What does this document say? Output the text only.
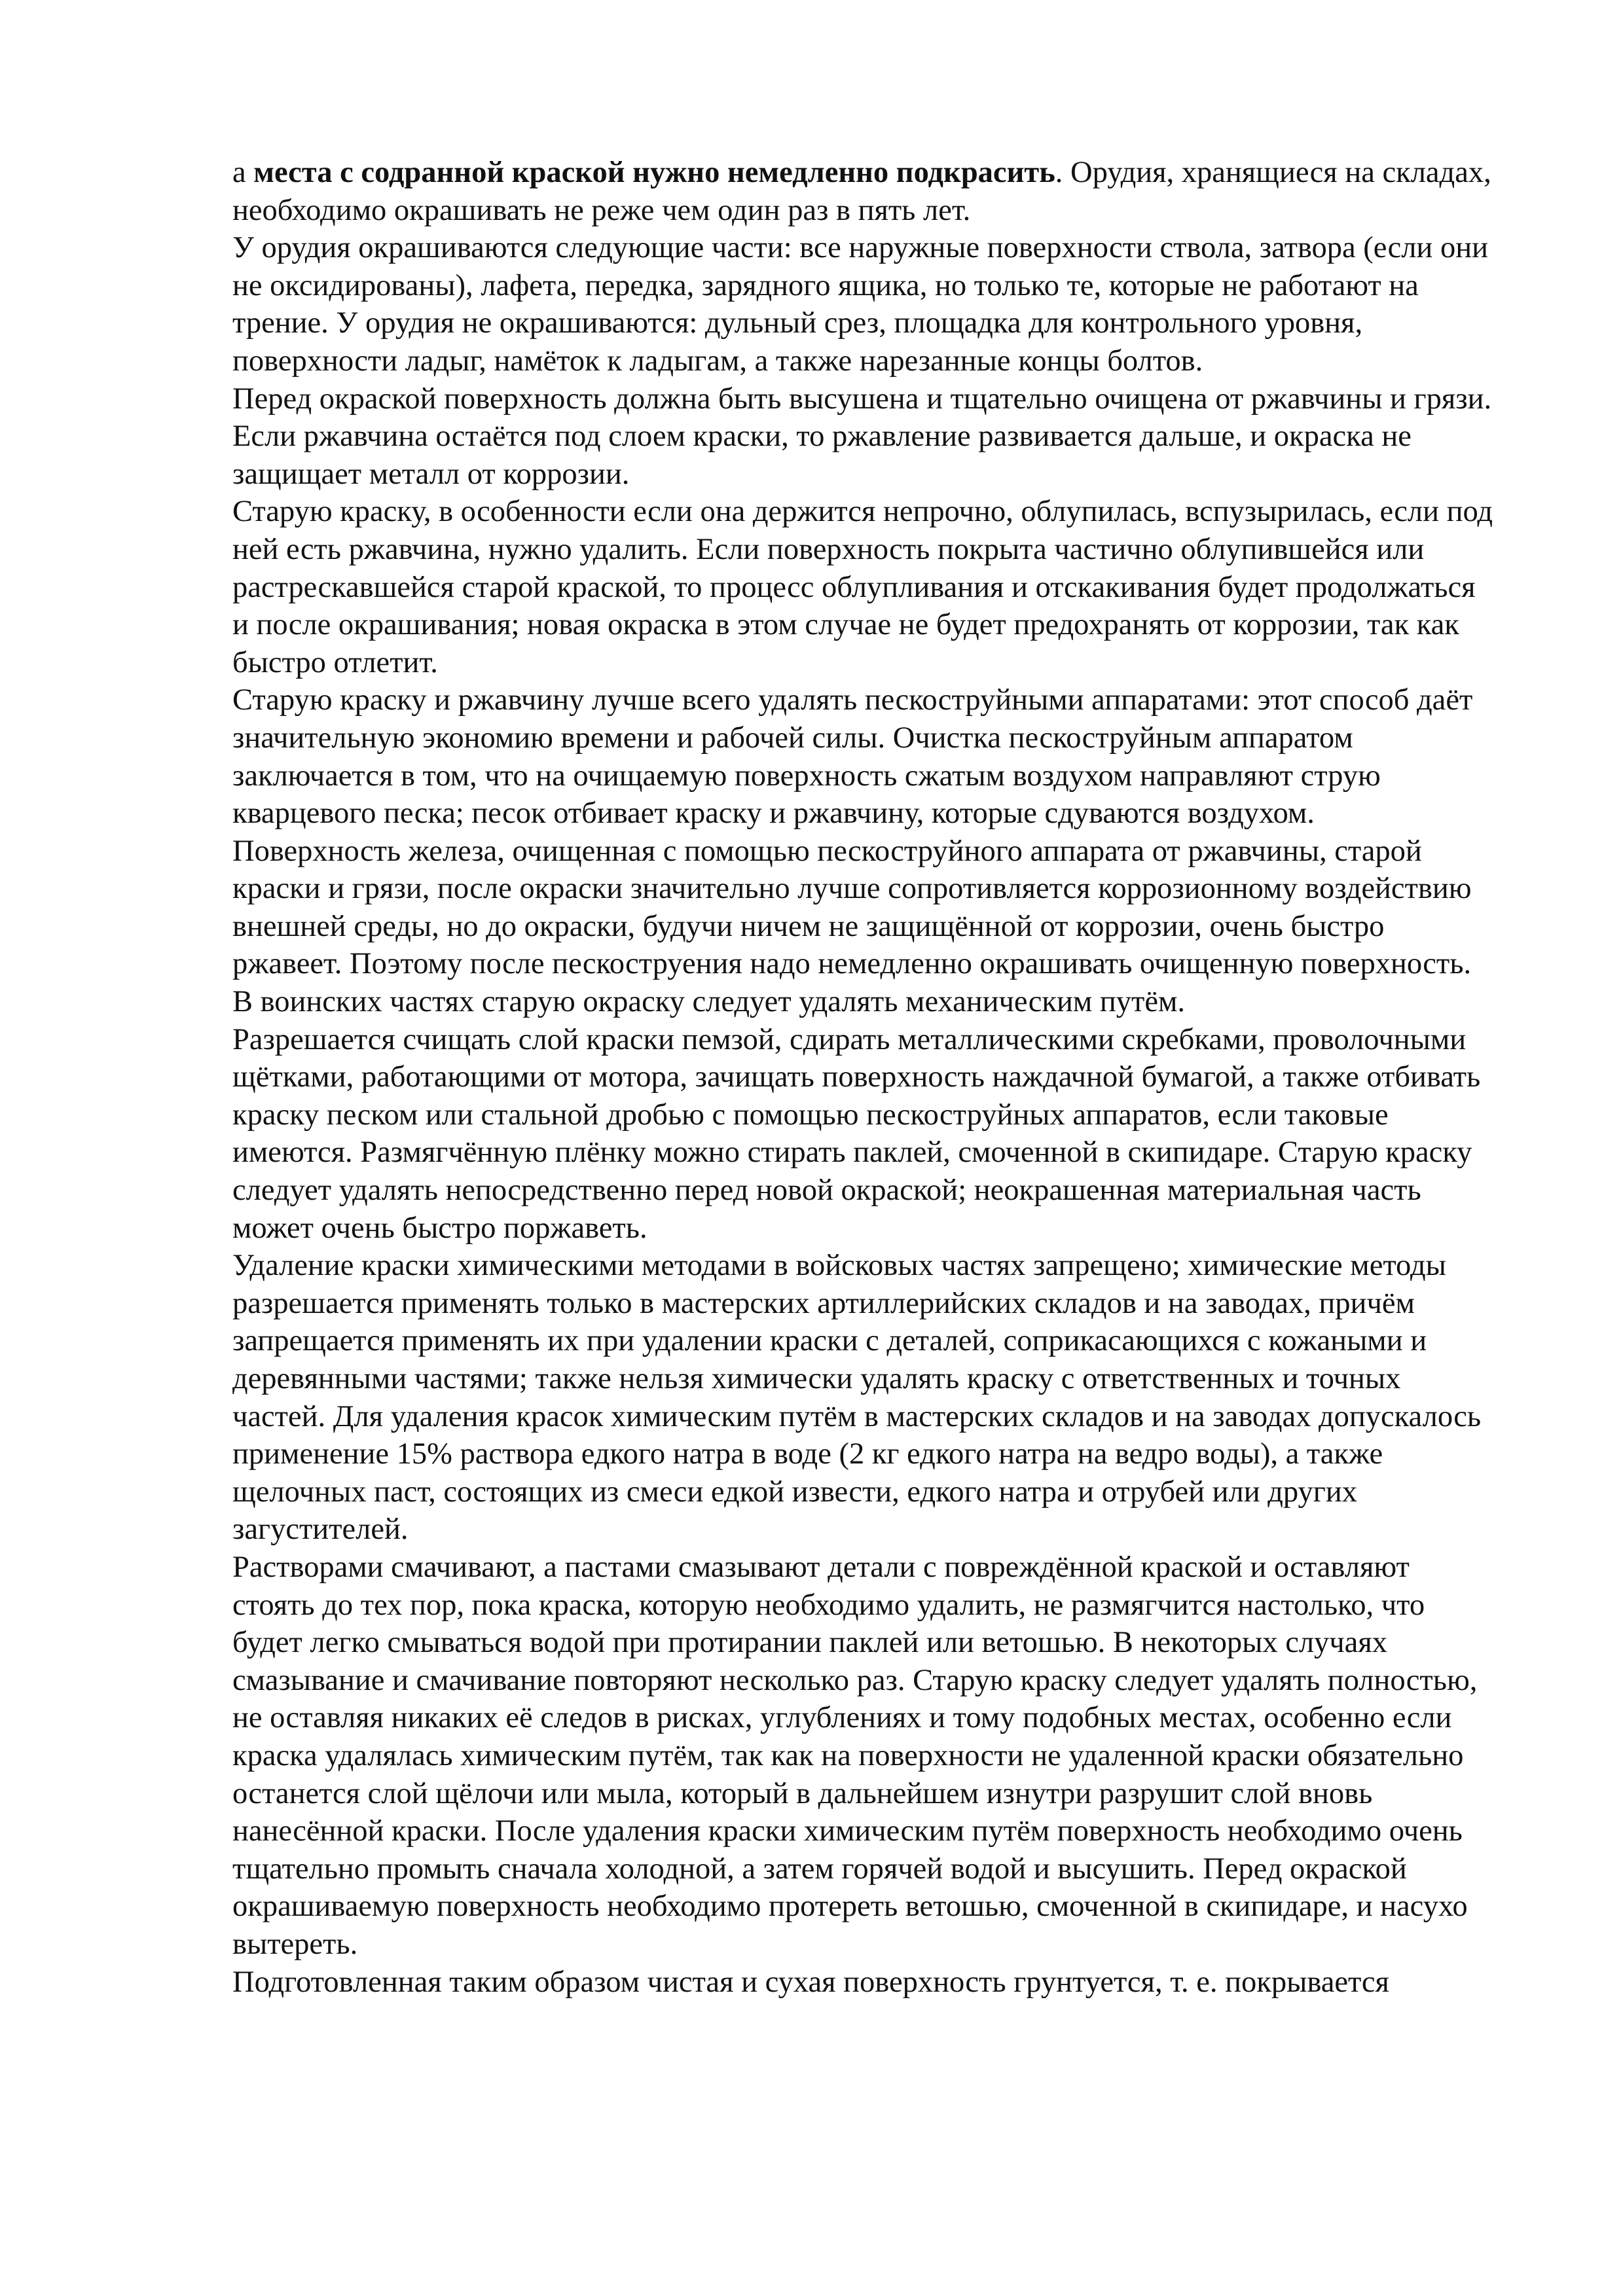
а места с содранной краской нужно немедленно подкрасить. Орудия, хранящиеся на складах, необходимо окрашивать не реже чем один раз в пять лет.

У орудия окрашиваются следующие части: все наружные поверхности ствола, затвора (если они не оксидированы), лафета, передка, зарядного ящика, но только те, которые не работают на трение. У орудия не окрашиваются: дульный срез, площадка для контрольного уровня, поверхности ладыг, намёток к ладыгам, а также нарезанные концы болтов.

Перед окраской поверхность должна быть высушена и тщательно очищена от ржавчины и грязи. Если ржавчина остаётся под слоем краски, то ржавление развивается дальше, и окраска не защищает металл от коррозии.

Старую краску, в особенности если она держится непрочно, облупилась, вспузырилась, если под ней есть ржавчина, нужно удалить. Если поверхность покрыта частично облупившейся или растрескавшейся старой краской, то процесс облупливания и отскакивания будет продолжаться и после окрашивания; новая окраска в этом случае не будет предохранять от коррозии, так как быстро отлетит.

Старую краску и ржавчину лучше всего удалять пескоструйными аппаратами: этот способ даёт значительную экономию времени и рабочей силы. Очистка пескоструйным аппаратом заключается в том, что на очищаемую поверхность сжатым воздухом направляют струю кварцевого песка; песок отбивает краску и ржавчину, которые сдуваются воздухом.

Поверхность железа, очищенная с помощью пескоструйного аппарата от ржавчины, старой краски и грязи, после окраски значительно лучше сопротивляется коррозионному воздействию внешней среды, но до окраски, будучи ничем не защищённой от коррозии, очень быстро ржавеет. Поэтому после пескоструения надо немедленно окрашивать очищенную поверхность. В воинских частях старую окраску следует удалять механическим путём.

Разрешается счищать слой краски пемзой, сдирать металлическими скребками, проволочными щётками, работающими от мотора, зачищать поверхность наждачной бумагой, а также отбивать краску песком или стальной дробью с помощью пескоструйных аппаратов, если таковые имеются. Размягчённую плёнку можно стирать паклей, смоченной в скипидаре. Старую краску следует удалять непосредственно перед новой окраской; неокрашенная материальная часть может очень быстро поржаветь.

Удаление краски химическими методами в войсковых частях запрещено; химические методы разрешается применять только в мастерских артиллерийских складов и на заводах, причём запрещается применять их при удалении краски с деталей, соприкасающихся с кожаными и деревянными частями; также нельзя химически удалять краску с ответственных и точных частей. Для удаления красок химическим путём в мастерских складов и на заводах допускалось применение 15% раствора едкого натра в воде (2 кг едкого натра на ведро воды), а также щелочных паст, состоящих из смеси едкой извести, едкого натра и отрубей или других загустителей.

Растворами смачивают, а пастами смазывают детали с повреждённой краской и оставляют стоять до тех пор, пока краска, которую необходимо удалить, не размягчится настолько, что будет легко смываться водой при протирании паклей или ветошью. В некоторых случаях смазывание и смачивание повторяют несколько раз. Старую краску следует удалять полностью, не оставляя никаких её следов в рисках, углублениях и тому подобных местах, особенно если краска удалялась химическим путём, так как на поверхности не удаленной краски обязательно останется слой щёлочи или мыла, который в дальнейшем изнутри разрушит слой вновь нанесённой краски. После удаления краски химическим путём поверхность необходимо очень тщательно промыть сначала холодной, а затем горячей водой и высушить. Перед окраской окрашиваемую поверхность необходимо протереть ветошью, смоченной в скипидаре, и насухо вытереть.

Подготовленная таким образом чистая и сухая поверхность грунтуется, т. е. покрывается
